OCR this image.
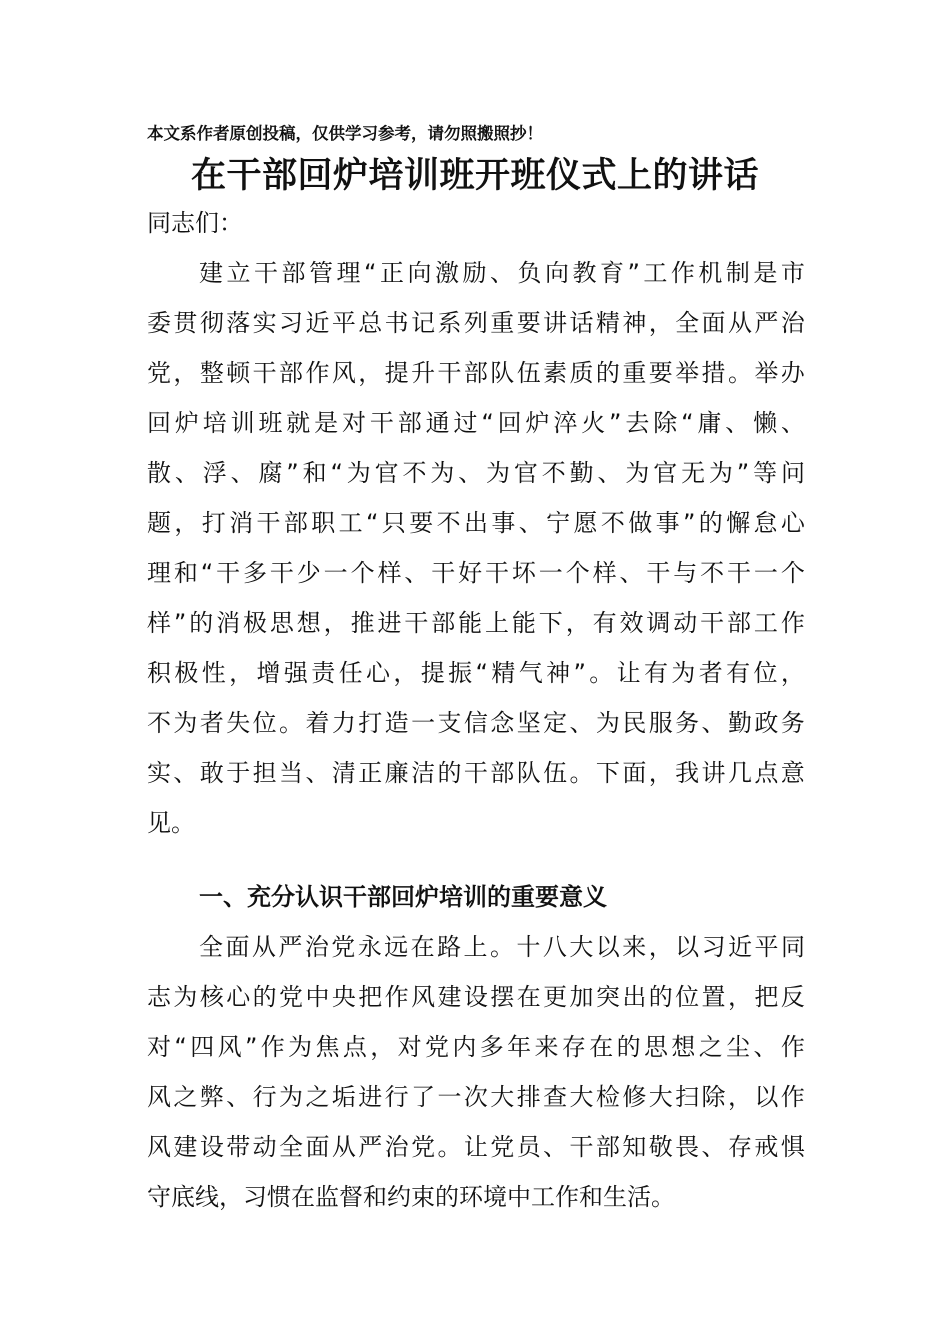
本文系作者原创投稿，仅供学习参考，请勿照搬照抄！
在干部回炉培训班开班仪式上的讲话
同志们：
建 立 干 部 管 理 “ 正 向 激 励 、 负 向 教 育 ” 工 作 机 制 是 市
委 贯 彻 落 实 习 近 平 总 书 记 系 列 重 要 讲 话 精 神 ， 全 面 从 严 治
党 ， 整 顿 干 部 作 风 ， 提 升 干 部 队 伍 素 质 的 重 要 举 措 。 举 办
回 炉 培 训 班 就 是 对 干 部 通 过 “ 回 炉 淬 火 ” 去 除 “ 庸 、 懒 、
散 、 浮 、 腐 ” 和 “ 为 官 不 为 、 为 官 不 勤 、 为 官 无 为 ” 等 问
题 ， 打 消 干 部 职 工 “ 只 要 不 出 事 、 宁 愿 不 做 事 ” 的 懈 怠 心
理 和 “ 干 多 干 少 一 个 样 、 干 好 干 坏 一 个 样 、 干 与 不 干 一 个
样 ” 的 消 极 思 想 ， 推 进 干 部 能 上 能 下 ， 有 效 调 动 干 部 工 作
积 极 性 ， 增 强 责 任 心 ， 提 振 “ 精 气 神 ” 。 让 有 为 者 有 位 ，
不 为 者 失 位 。 着 力 打 造 一 支 信 念 坚 定 、 为 民 服 务 、 勤 政 务
实 、 敢 于 担 当 、 清 正 廉 洁 的 干 部 队 伍 。 下 面 ， 我 讲 几 点 意
见。
一、充分认识干部回炉培训的重要意义
全 面 从 严 治 党 永 远 在 路 上 。 十 八 大 以 来 ， 以 习 近 平 同
志 为 核 心 的 党 中 央 把 作 风 建 设 摆 在 更 加 突 出 的 位 置 ， 把 反
对 “ 四 风 ” 作 为 焦 点 ， 对 党 内 多 年 来 存 在 的 思 想 之 尘 、 作
风 之 弊 、 行 为 之 垢 进 行 了 一 次 大 排 查 大 检 修 大 扫 除 ， 以 作
风 建 设 带 动 全 面 从 严 治 党 。 让 党 员 、 干 部 知 敬 畏 、 存 戒 惧
守底线，习惯在监督和约束的环境中工作和生活。
